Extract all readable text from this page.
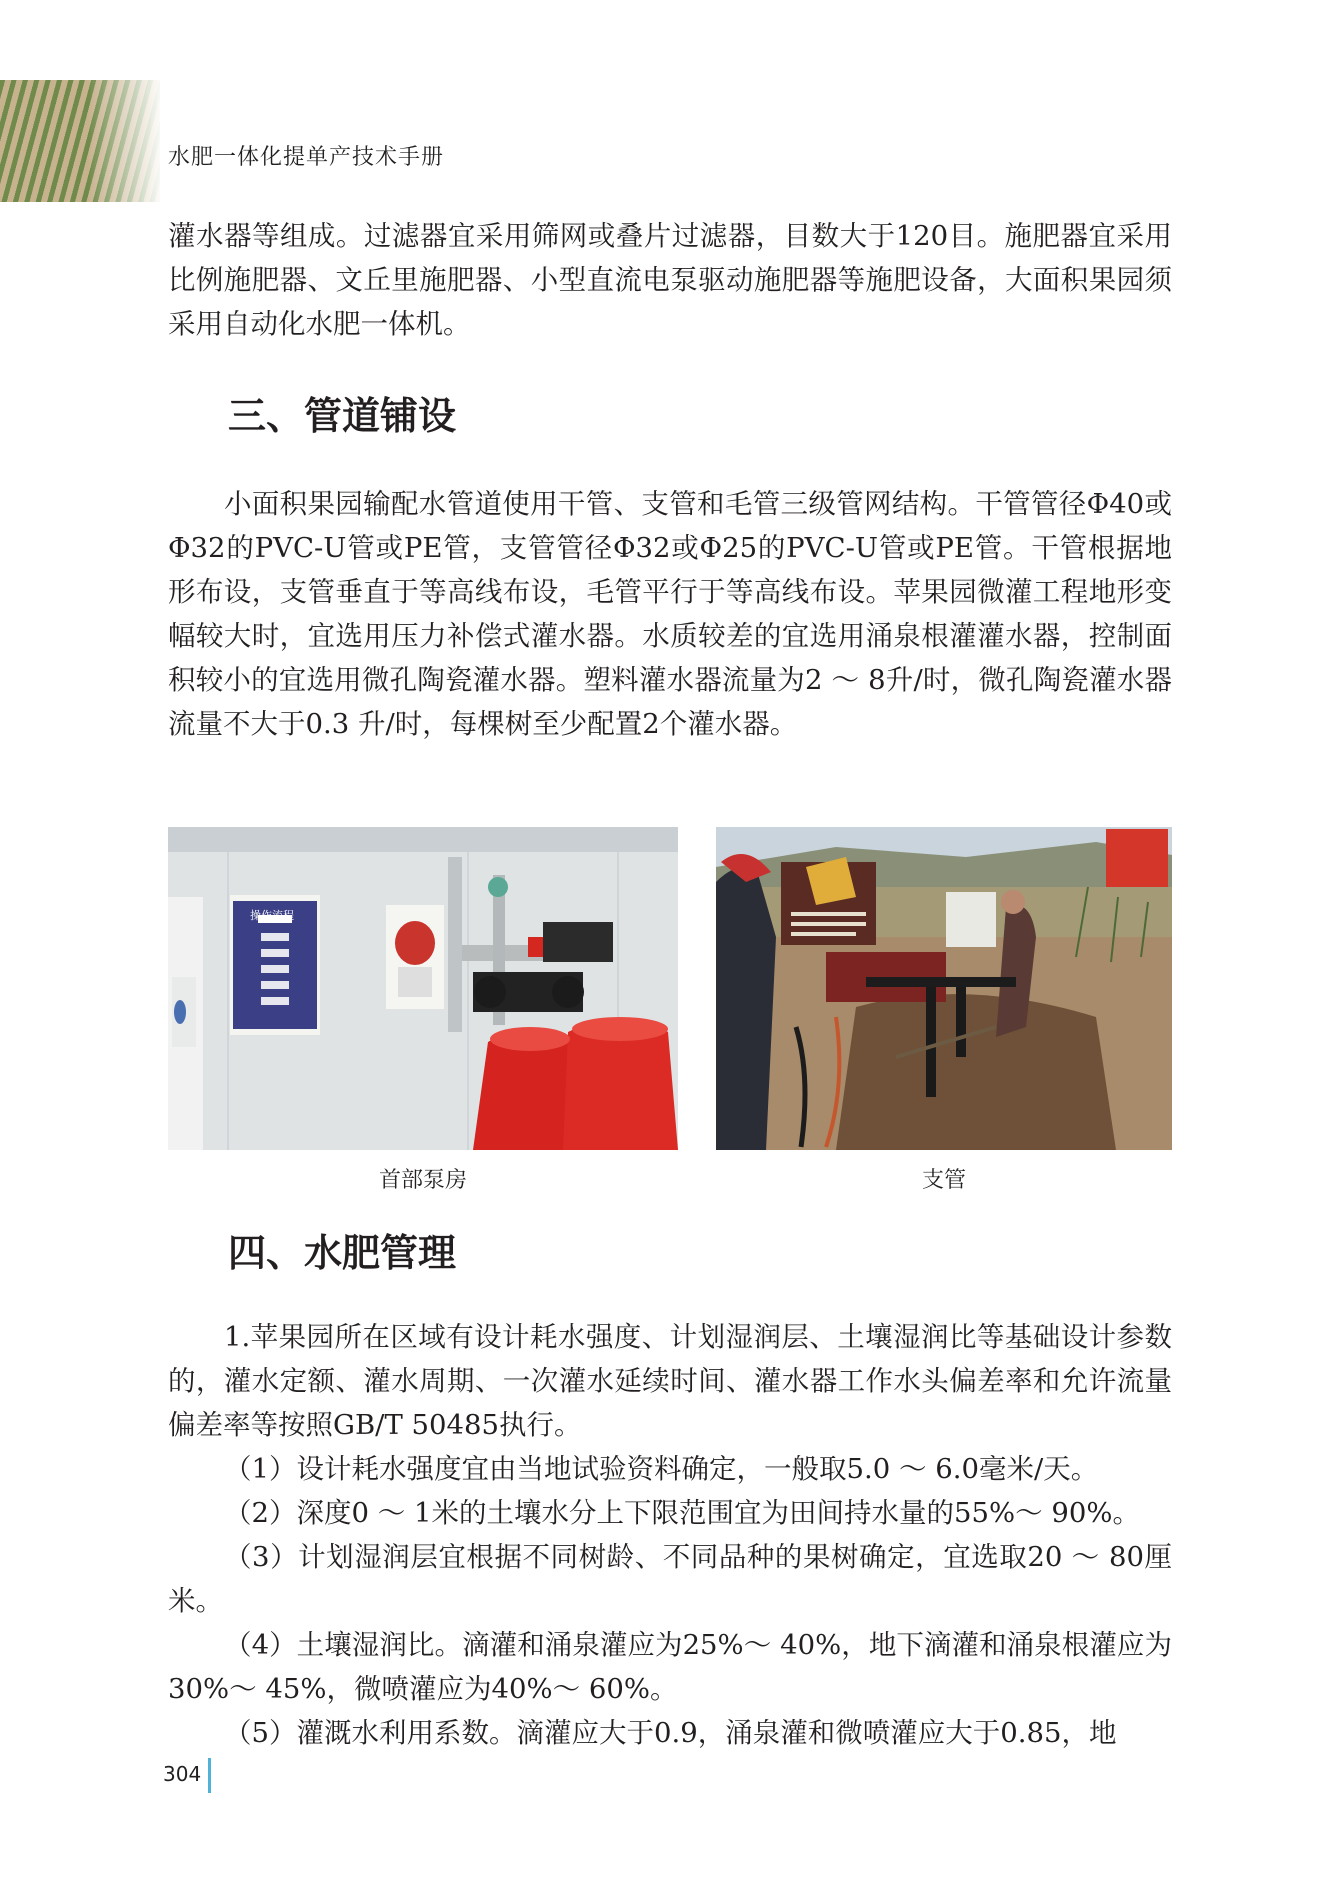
水肥一体化提单产技术手册

灌水器等组成。过滤器宜采用筛网或叠片过滤器，目数大于120目。施肥器宜采用比例施肥器、文丘里施肥器、小型直流电泵驱动施肥器等施肥设备，大面积果园须采用自动化水肥一体机。

三、管道铺设

小面积果园输配水管道使用干管、支管和毛管三级管网结构。干管管径Φ40或Φ32的PVC-U管或PE管，支管管径Φ32或Φ25的PVC-U管或PE管。干管根据地形布设，支管垂直于等高线布设，毛管平行于等高线布设。苹果园微灌工程地形变幅较大时，宜选用压力补偿式灌水器。水质较差的宜选用涌泉根灌灌水器，控制面积较小的宜选用微孔陶瓷灌水器。塑料灌水器流量为2 ～ 8升/时，微孔陶瓷灌水器流量不大于0.3 升/时，每棵树至少配置2个灌水器。

操作流程
首部泵房	支管
四、水肥管理

1.苹果园所在区域有设计耗水强度、计划湿润层、土壤湿润比等基础设计参数的，灌水定额、灌水周期、一次灌水延续时间、灌水器工作水头偏差率和允许流量偏差率等按照GB/T 50485执行。

（1）设计耗水强度宜由当地试验资料确定，一般取5.0 ～ 6.0毫米/天。

（2）深度0 ～ 1米的土壤水分上下限范围宜为田间持水量的55%～ 90%。

（3）计划湿润层宜根据不同树龄、不同品种的果树确定，宜选取20 ～ 80厘米。

（4）土壤湿润比。滴灌和涌泉灌应为25%～ 40%，地下滴灌和涌泉根灌应为30%～ 45%，微喷灌应为40%～ 60%。

（5）灌溉水利用系数。滴灌应大于0.9，涌泉灌和微喷灌应大于0.85，地

304
